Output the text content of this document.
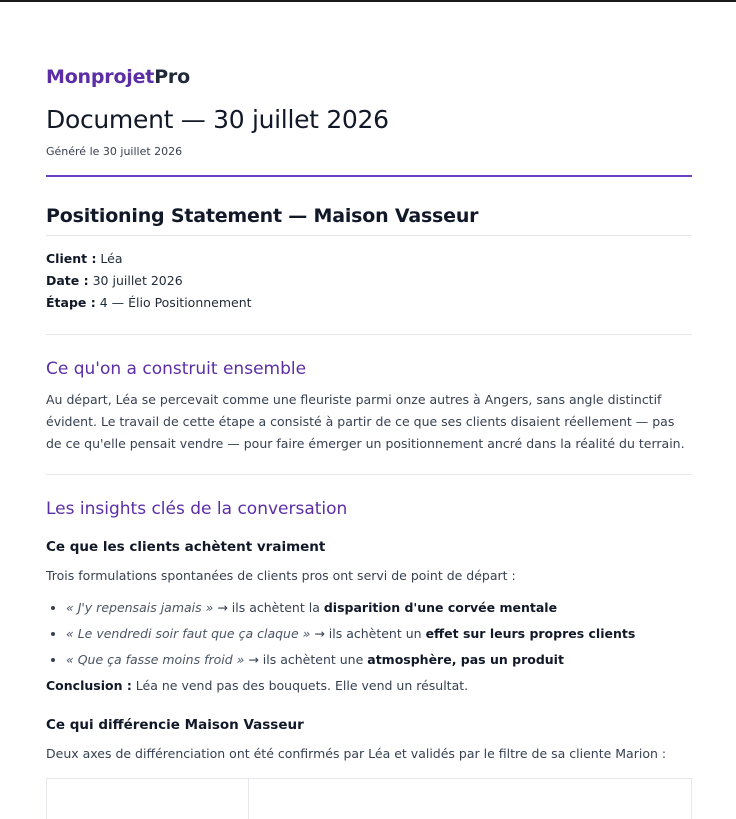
MonprojetPro
Document — 30 juillet 2026
Généré le 30 juillet 2026
Positioning Statement — Maison Vasseur
Client : Léa
Date : 30 juillet 2026
Étape : 4 — Élio Positionnement
Ce qu'on a construit ensemble

Au départ, Léa se percevait comme une fleuriste parmi onze autres à Angers, sans angle distinctif évident. Le travail de cette étape a consisté à partir de ce que ses clients disaient réellement — pas de ce qu'elle pensait vendre — pour faire émerger un positionnement ancré dans la réalité du terrain.

Les insights clés de la conversation
Ce que les clients achètent vraiment

Trois formulations spontanées de clients pros ont servi de point de départ :

• « J'y repensais jamais » → ils achètent la disparition d'une corvée mentale
• « Le vendredi soir faut que ça claque » → ils achètent un effet sur leurs propres clients
• « Que ça fasse moins froid » → ils achètent une atmosphère, pas un produit

Conclusion : Léa ne vend pas des bouquets. Elle vend un résultat.

Ce qui différencie Maison Vasseur

Deux axes de différenciation ont été confirmés par Léa et validés par le filtre de sa cliente Marion :
